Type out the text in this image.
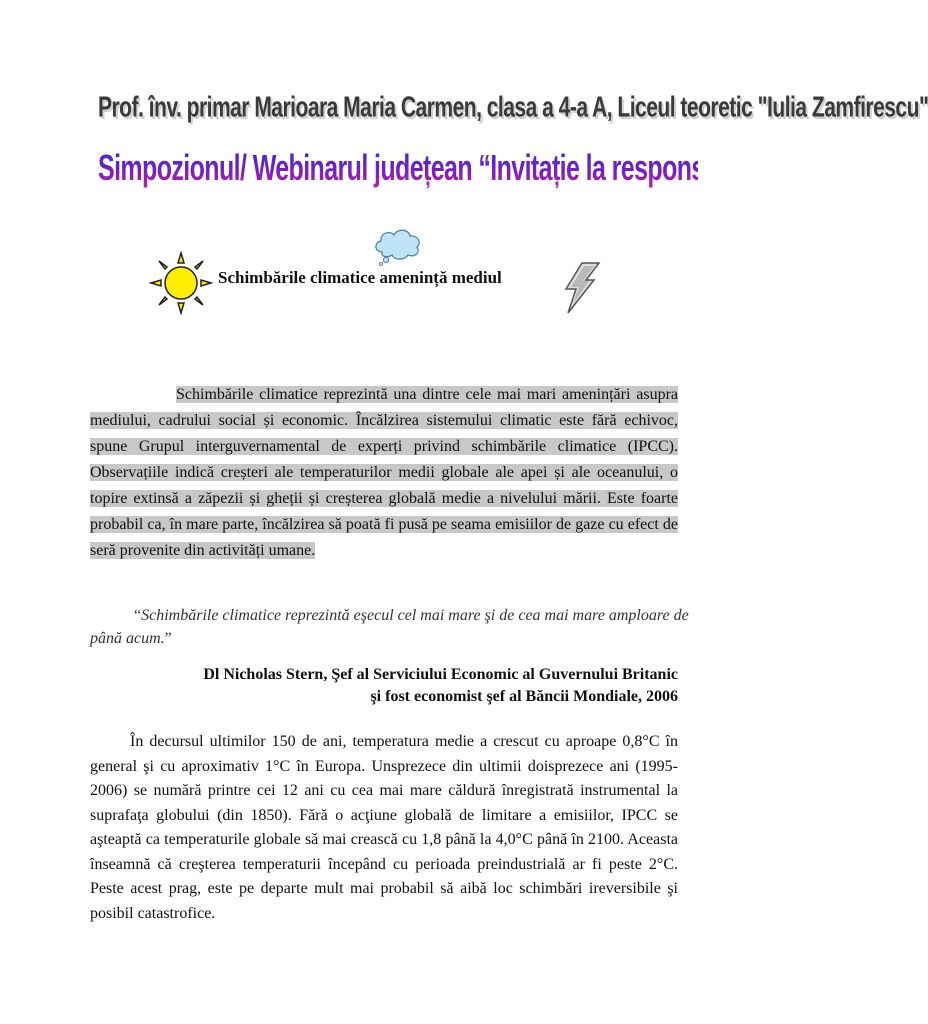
Prof. înv. primar Marioara Maria Carmen, clasa a 4-a A, Liceul teoretic "Iulia Zamfirescu"
Simpozionul/ Webinarul județean “Invitație la responsabilitate! “
Schimbările climatice amenință mediul
Schimbările climatice reprezintă una dintre cele mai mari amenințări asupra mediului, cadrului social și economic. Încălzirea sistemului climatic este fără echivoc, spune Grupul interguvernamental de experți privind schimbările climatice (IPCC). Observațiile indică creșteri ale temperaturilor medii globale ale apei și ale oceanului, o topire extinsă a zăpezii și gheții și creșterea globală medie a nivelului mării. Este foarte probabil ca, în mare parte, încălzirea să poată fi pusă pe seama emisiilor de gaze cu efect de seră provenite din activități umane.
“Schimbările climatice reprezintă eşecul cel mai mare şi de cea mai mare amploare de până acum.”
Dl Nicholas Stern, Şef al Serviciului Economic al Guvernului Britanic
şi fost economist şef al Băncii Mondiale, 2006
În decursul ultimilor 150 de ani, temperatura medie a crescut cu aproape 0,8°C în general şi cu aproximativ 1°C în Europa. Unsprezece din ultimii doisprezece ani (1995-2006) se numără printre cei 12 ani cu cea mai mare căldură înregistrată instrumental la suprafaţa globului (din 1850). Fără o acţiune globală de limitare a emisiilor, IPCC se aşteaptă ca temperaturile globale să mai crească cu 1,8 până la 4,0°C până în 2100. Aceasta înseamnă că creşterea temperaturii începând cu perioada preindustrială ar fi peste 2°C. Peste acest prag, este pe departe mult mai probabil să aibă loc schimbări ireversibile şi posibil catastrofice.
